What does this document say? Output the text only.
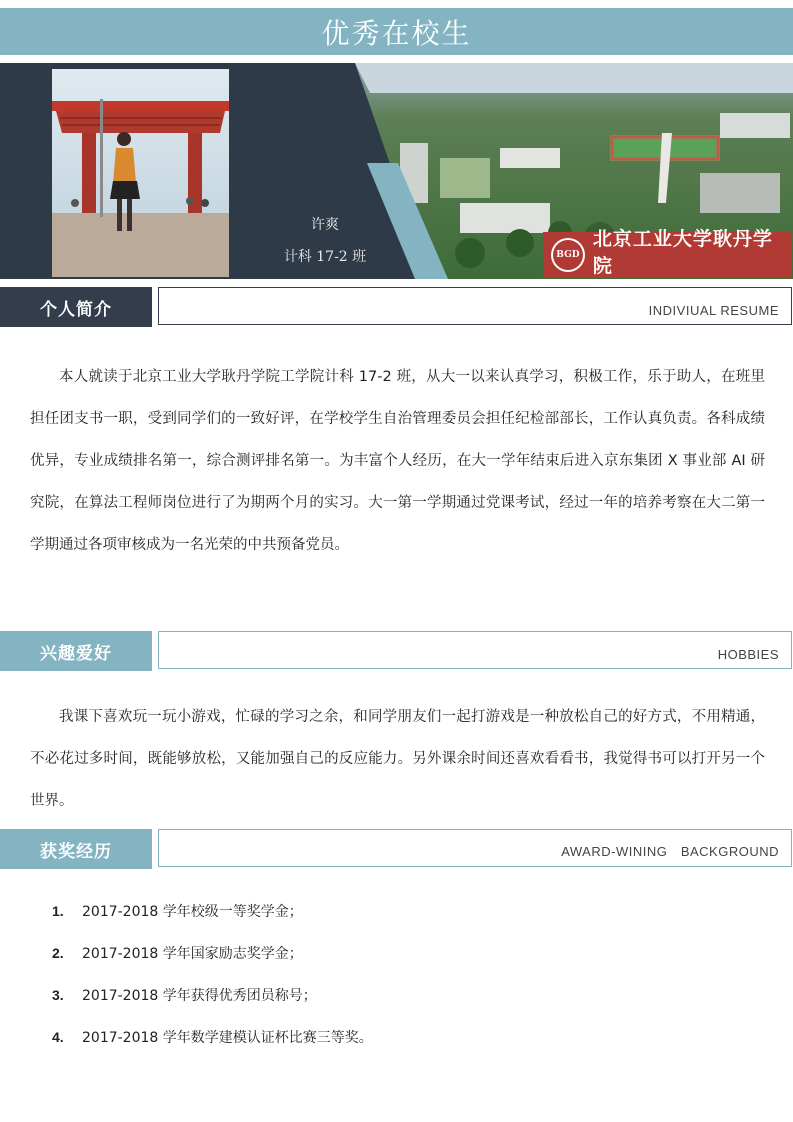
优秀在校生
许爽
计科 17-2 班	BGD
北京工业大学耿丹学院
Gengdan Institute of Beijing University of Technology
个人简介	INDIVIUAL RESUME
本人就读于北京工业大学耿丹学院工学院计科 17-2 班，从大一以来认真学习，积极工作，乐于助人，在班里担任团支书一职，受到同学们的一致好评，在学校学生自治管理委员会担任纪检部部长，工作认真负责。各科成绩优异，专业成绩排名第一，综合测评排名第一。为丰富个人经历，在大一学年结束后进入京东集团 X 事业部 AI 研究院，在算法工程师岗位进行了为期两个月的实习。大一第一学期通过党课考试，经过一年的培养考察在大二第一学期通过各项审核成为一名光荣的中共预备党员。
兴趣爱好	HOBBIES
我课下喜欢玩一玩小游戏，忙碌的学习之余，和同学朋友们一起打游戏是一种放松自己的好方式，不用精通，不必花过多时间，既能够放松，又能加强自己的反应能力。另外课余时间还喜欢看看书，我觉得书可以打开另一个世界。
获奖经历	AWARD-WINING　BACKGROUND
1.	2017-2018 学年校级一等奖学金；
2.	2017-2018 学年国家励志奖学金；
3.	2017-2018 学年获得优秀团员称号；
4.	2017-2018 学年数学建模认证杯比赛三等奖。
